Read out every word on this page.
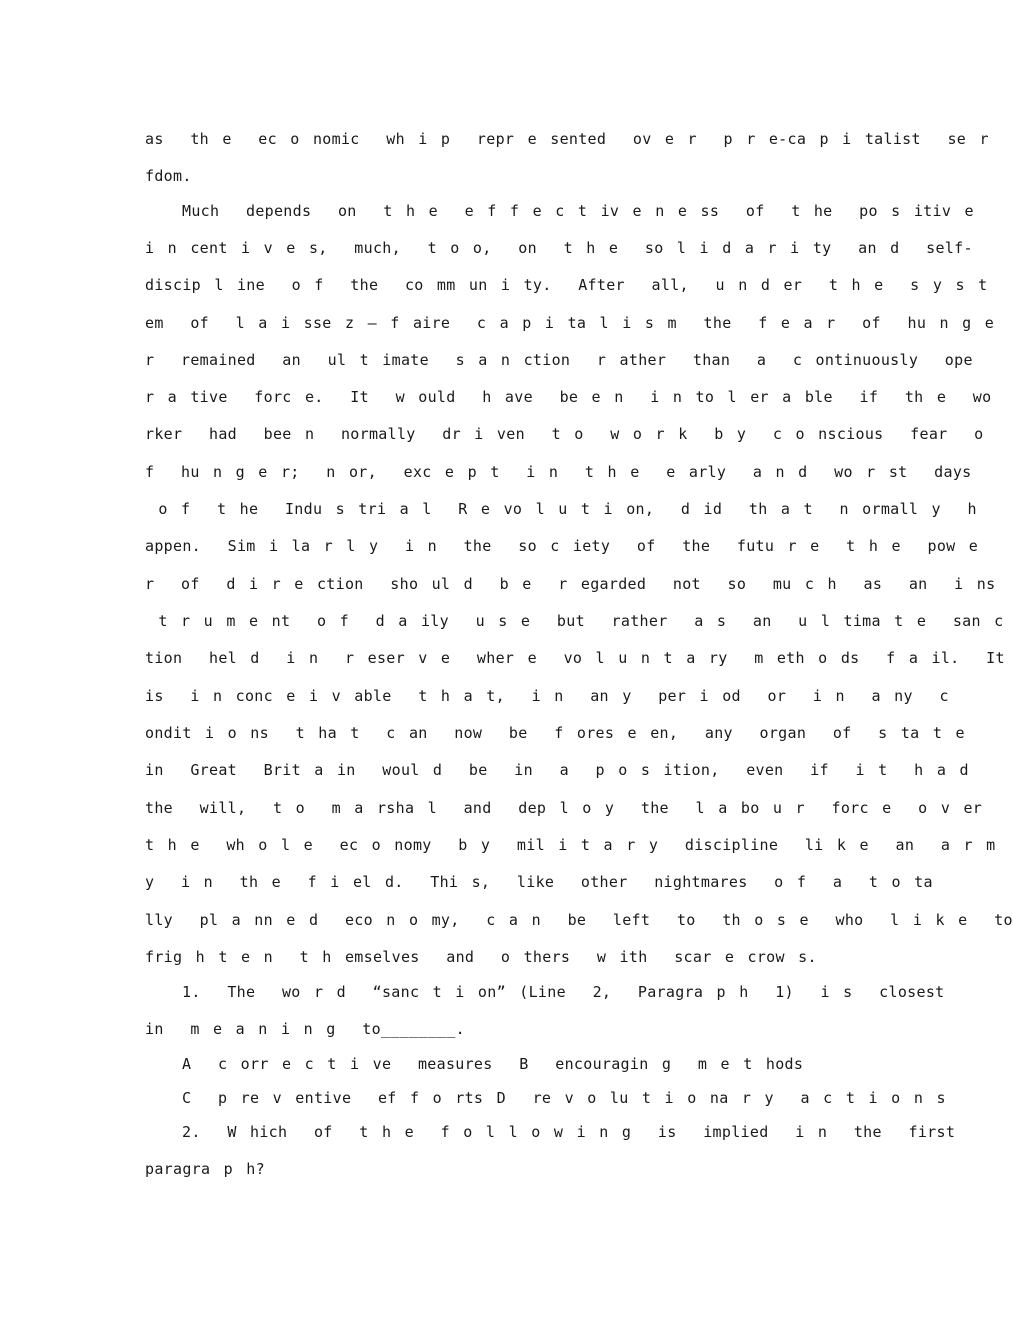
as  th e  ec o nomic  wh i p  repr e sented  ov e r  p r e-ca p i talist  se r
fdom.
Much  depends  on  t h e  e f f e c t iv e n e ss  of  t he  po s itiv e
i n cent i v e s,  much,  t o o,  on  t h e  so l i d a r i ty  an d  self-
discip l ine  o f  the  co mm un i ty.  After  all,  u n d er  t h e  s y s t
em  of  l a i sse z — f aire  c a p i ta l i s m  the  f e a r  of  hu n g e
r  remained  an  ul t imate  s a n ction  r ather  than  a  c ontinuously  ope
r a tive  forc e.  It  w ould  h ave  be e n  i n to l er a ble  if  th e  wo
rker  had  bee n  normally  dr i ven  t o  w o r k  b y  c o nscious  fear  o
f  hu n g e r;  n or,  exc e p t  i n  t h e  e arly  a n d  wo r st  days
o f  t he  Indu s tri a l  R e vo l u t i on,  d id  th a t  n ormall y  h
appen.  Sim i la r l y  i n  the  so c iety  of  the  futu r e  t h e  pow e
r  of  d i r e ction  sho ul d  b e  r egarded  not  so  mu c h  as  an  i ns
t r u m e nt  o f  d a ily  u s e  but  rather  a s  an  u l tima t e  san c
tion  hel d  i n  r eser v e  wher e  vo l u n t a ry  m eth o ds  f a il.  It
is  i n conc e i v able  t h a t,  i n  an y  per i od  or  i n  a ny  c
ondit i o ns  t ha t  c an  now  be  f ores e en,  any  organ  of  s ta t e
in  Great  Brit a in  woul d  be  in  a  p o s ition,  even  if  i t  h a d
the  will,  t o  m a rsha l  and  dep l o y  the  l a bo u r  forc e  o v er
t h e  wh o l e  ec o nomy  b y  mil i t a r y  discipline  li k e  an  a r m
y  i n  th e  f i el d.  Thi s,  like  other  nightmares  o f  a  t o ta
lly  pl a nn e d  eco n o my,  c a n  be  left  to  th o s e  who  l i k e  to
frig h t e n  t h emselves  and  o thers  w ith  scar e crow s.
1.  The  wo r d  “sanc t i on” (Line  2,  Paragra p h  1)  i s  closest
in  m e a n i n g  to________.
A  c orr e c t i ve  measures  B  encouragin g  m e t hods
C  p re v entive  ef f o rts D  re v o lu t i o na r y  a c t i o n s
2.  W hich  of  t h e  f o l l o w i n g  is  implied  i n  the  first
paragra p h?
